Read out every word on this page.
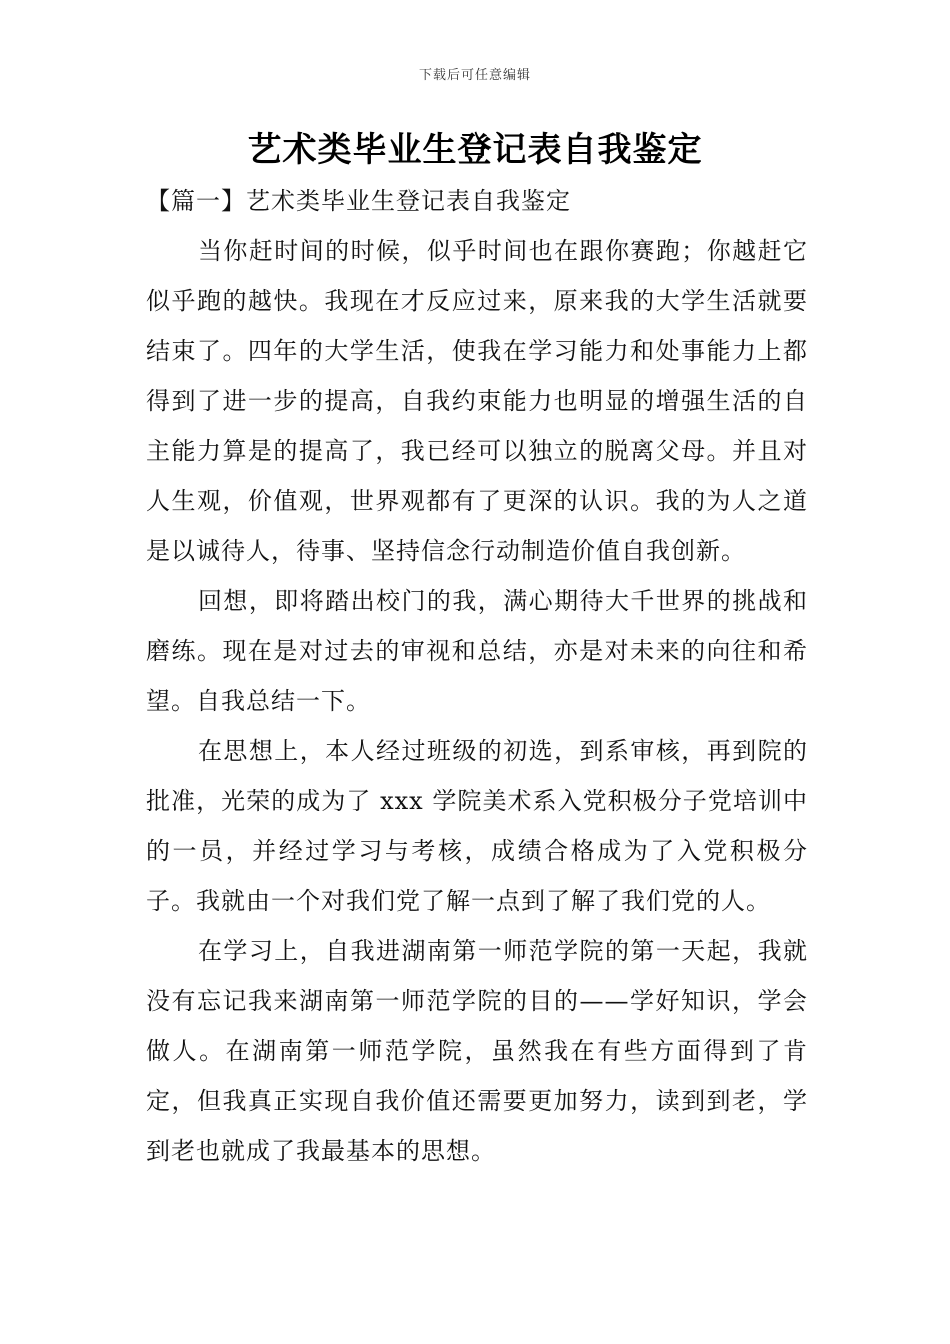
下载后可任意编辑
艺术类毕业生登记表自我鉴定

【篇一】艺术类毕业生登记表自我鉴定

当你赶时间的时候，似乎时间也在跟你赛跑；你越赶它似乎跑的越快。我现在才反应过来，原来我的大学生活就要结束了。四年的大学生活，使我在学习能力和处事能力上都得到了进一步的提高，自我约束能力也明显的增强生活的自主能力算是的提高了，我已经可以独立的脱离父母。并且对人生观，价值观，世界观都有了更深的认识。我的为人之道是以诚待人，待事、坚持信念行动制造价值自我创新。

回想，即将踏出校门的我，满心期待大千世界的挑战和磨练。现在是对过去的审视和总结，亦是对未来的向往和希望。自我总结一下。

在思想上，本人经过班级的初选，到系审核，再到院的批准，光荣的成为了 xxx 学院美术系入党积极分子党培训中的一员，并经过学习与考核，成绩合格成为了入党积极分子。我就由一个对我们党了解一点到了解了我们党的人。

在学习上，自我进湖南第一师范学院的第一天起，我就没有忘记我来湖南第一师范学院的目的——学好知识，学会做人。在湖南第一师范学院，虽然我在有些方面得到了肯定，但我真正实现自我价值还需要更加努力，读到到老，学到老也就成了我最基本的思想。
